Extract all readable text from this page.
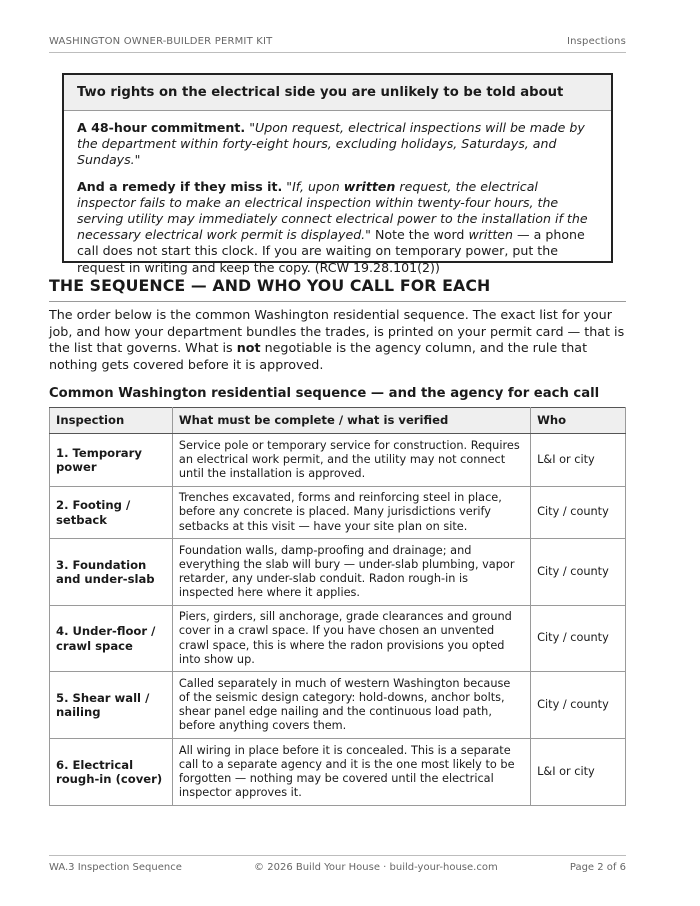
WASHINGTON OWNER-BUILDER PERMIT KIT	Inspections
Two rights on the electrical side you are unlikely to be told about

A 48-hour commitment. "Upon request, electrical inspections will be made by the department within forty-eight hours, excluding holidays, Saturdays, and Sundays."

And a remedy if they miss it. "If, upon written request, the electrical inspector fails to make an electrical inspection within twenty-four hours, the serving utility may immediately connect electrical power to the installation if the necessary electrical work permit is displayed." Note the word written — a phone call does not start this clock. If you are waiting on temporary power, put the request in writing and keep the copy. (RCW 19.28.101(2))

THE SEQUENCE — AND WHO YOU CALL FOR EACH
The order below is the common Washington residential sequence. The exact list for your job, and how your department bundles the trades, is printed on your permit card — that is the list that governs. What is not negotiable is the agency column, and the rule that nothing gets covered before it is approved.
Common Washington residential sequence — and the agency for each call
Inspection	What must be complete / what is verified	Who
1. Temporary power	Service pole or temporary service for construction. Requires an electrical work permit, and the utility may not connect until the installation is approved.	L&I or city
2. Footing / setback	Trenches excavated, forms and reinforcing steel in place, before any concrete is placed. Many jurisdictions verify setbacks at this visit — have your site plan on site.	City / county
3. Foundation and under-slab	Foundation walls, damp-proofing and drainage; and everything the slab will bury — under-slab plumbing, vapor retarder, any under-slab conduit. Radon rough-in is inspected here where it applies.	City / county
4. Under-floor / crawl space	Piers, girders, sill anchorage, grade clearances and ground cover in a crawl space. If you have chosen an unvented crawl space, this is where the radon provisions you opted into show up.	City / county
5. Shear wall / nailing	Called separately in much of western Washington because of the seismic design category: hold-downs, anchor bolts, shear panel edge nailing and the continuous load path, before anything covers them.	City / county
6. Electrical rough-in (cover)	All wiring in place before it is concealed. This is a separate call to a separate agency and it is the one most likely to be forgotten — nothing may be covered until the electrical inspector approves it.	L&I or city
WA.3 Inspection Sequence	© 2026 Build Your House · build-your-house.com	Page 2 of 6
